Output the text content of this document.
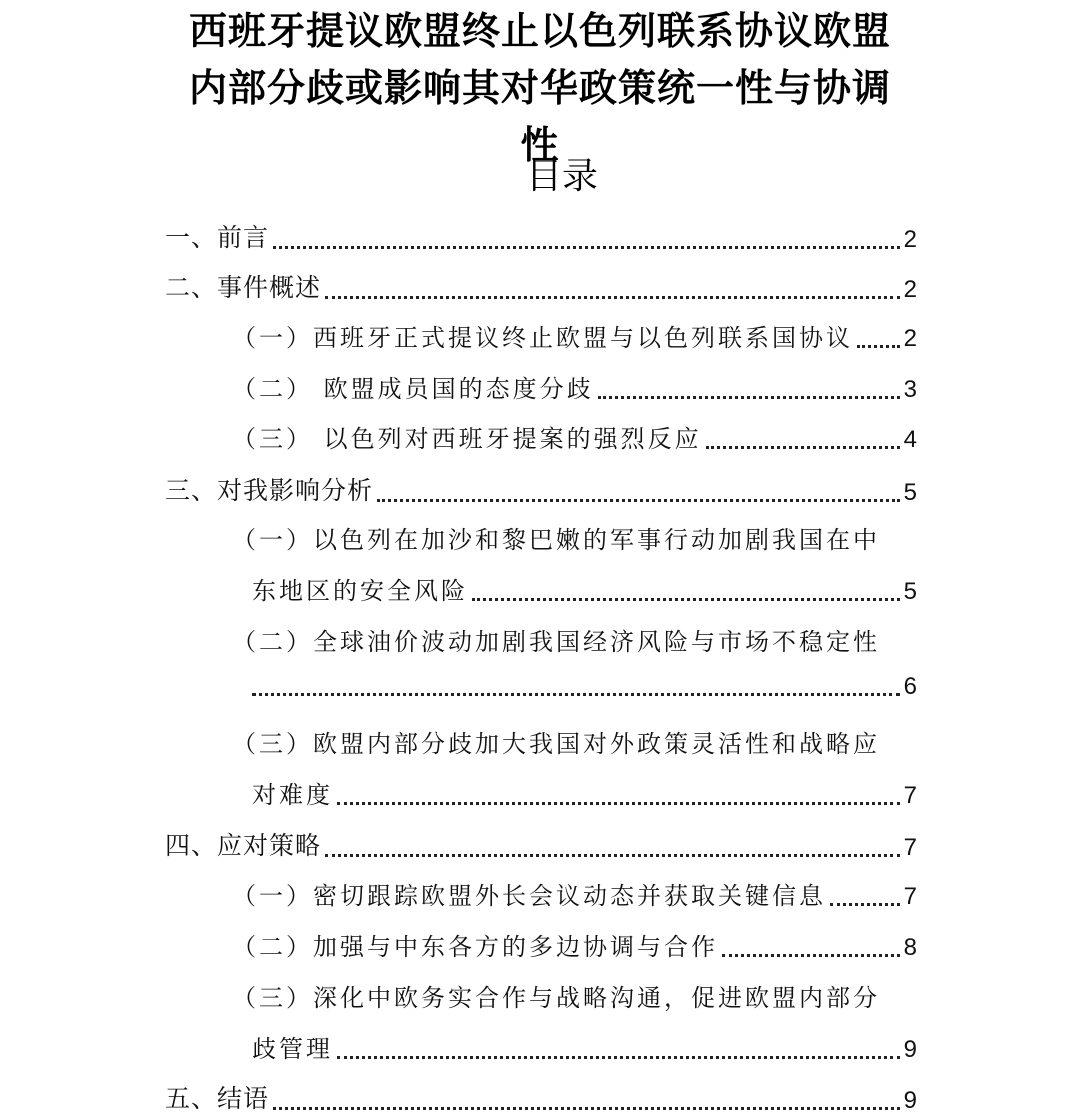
西班牙提议欧盟终止以色列联系协议欧盟内部分歧或影响其对华政策统一性与协调性
目录
一、前言	2
二、事件概述	2
（一）西班牙正式提议终止欧盟与以色列联系国协议 2
（二） 欧盟成员国的态度分歧	3
（三） 以色列对西班牙提案的强烈反应	4
三、对我影响分析	5
（一）以色列在加沙和黎巴嫩的军事行动加剧我国在中
东地区的安全风险	5
（二）全球油价波动加剧我国经济风险与市场不稳定性
6
（三）欧盟内部分歧加大我国对外政策灵活性和战略应
对难度	7
四、应对策略	7
（一）密切跟踪欧盟外长会议动态并获取关键信息	7
（二）加强与中东各方的多边协调与合作	8
（三）深化中欧务实合作与战略沟通，促进欧盟内部分
歧管理	9
五、结语	9
